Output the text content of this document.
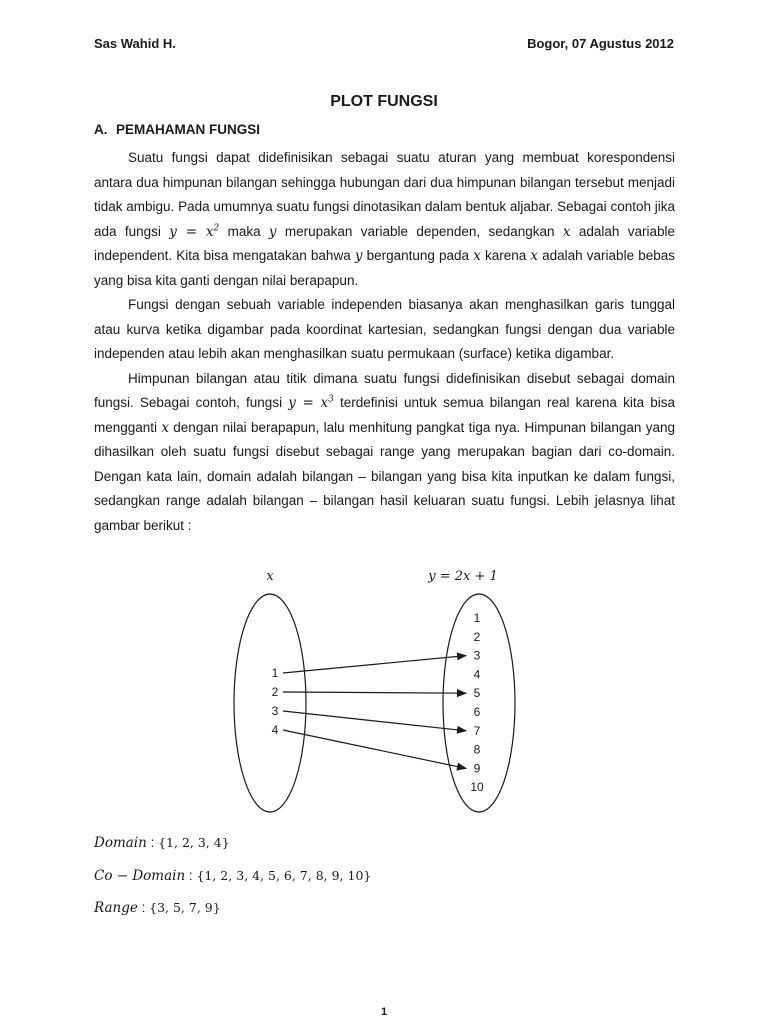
Sas Wahid H.	Bogor, 07 Agustus 2012
PLOT FUNGSI
A. PEMAHAMAN FUNGSI

Suatu fungsi dapat didefinisikan sebagai suatu aturan yang membuat korespondensi antara dua himpunan bilangan sehingga hubungan dari dua himpunan bilangan tersebut menjadi tidak ambigu. Pada umumnya suatu fungsi dinotasikan dalam bentuk aljabar. Sebagai contoh jika ada fungsi $y = x^2$ maka y merupakan variable dependen, sedangkan x adalah variable independent. Kita bisa mengatakan bahwa y bergantung pada x karena x adalah variable bebas yang bisa kita ganti dengan nilai berapapun.

Fungsi dengan sebuah variable independen biasanya akan menghasilkan garis tunggal atau kurva ketika digambar pada koordinat kartesian, sedangkan fungsi dengan dua variable independen atau lebih akan menghasilkan suatu permukaan (surface) ketika digambar.

Himpunan bilangan atau titik dimana suatu fungsi didefinisikan disebut sebagai domain fungsi. Sebagai contoh, fungsi $y = x^3$ terdefinisi untuk semua bilangan real karena kita bisa mengganti x dengan nilai berapapun, lalu menhitung pangkat tiga nya. Himpunan bilangan yang dihasilkan oleh suatu fungsi disebut sebagai range yang merupakan bagian dari co-domain. Dengan kata lain, domain adalah bilangan – bilangan yang bisa kita inputkan ke dalam fungsi, sedangkan range adalah bilangan – bilangan hasil keluaran suatu fungsi. Lebih jelasnya lihat gambar berikut :

x	y = 2x + 1
1
2
3
4
1
2
3
4
5
6
7
8
9
10
Domain : {1, 2, 3, 4}
Co − Domain : {1, 2, 3, 4, 5, 6, 7, 8, 9, 10}
Range : {3, 5, 7, 9}
1
